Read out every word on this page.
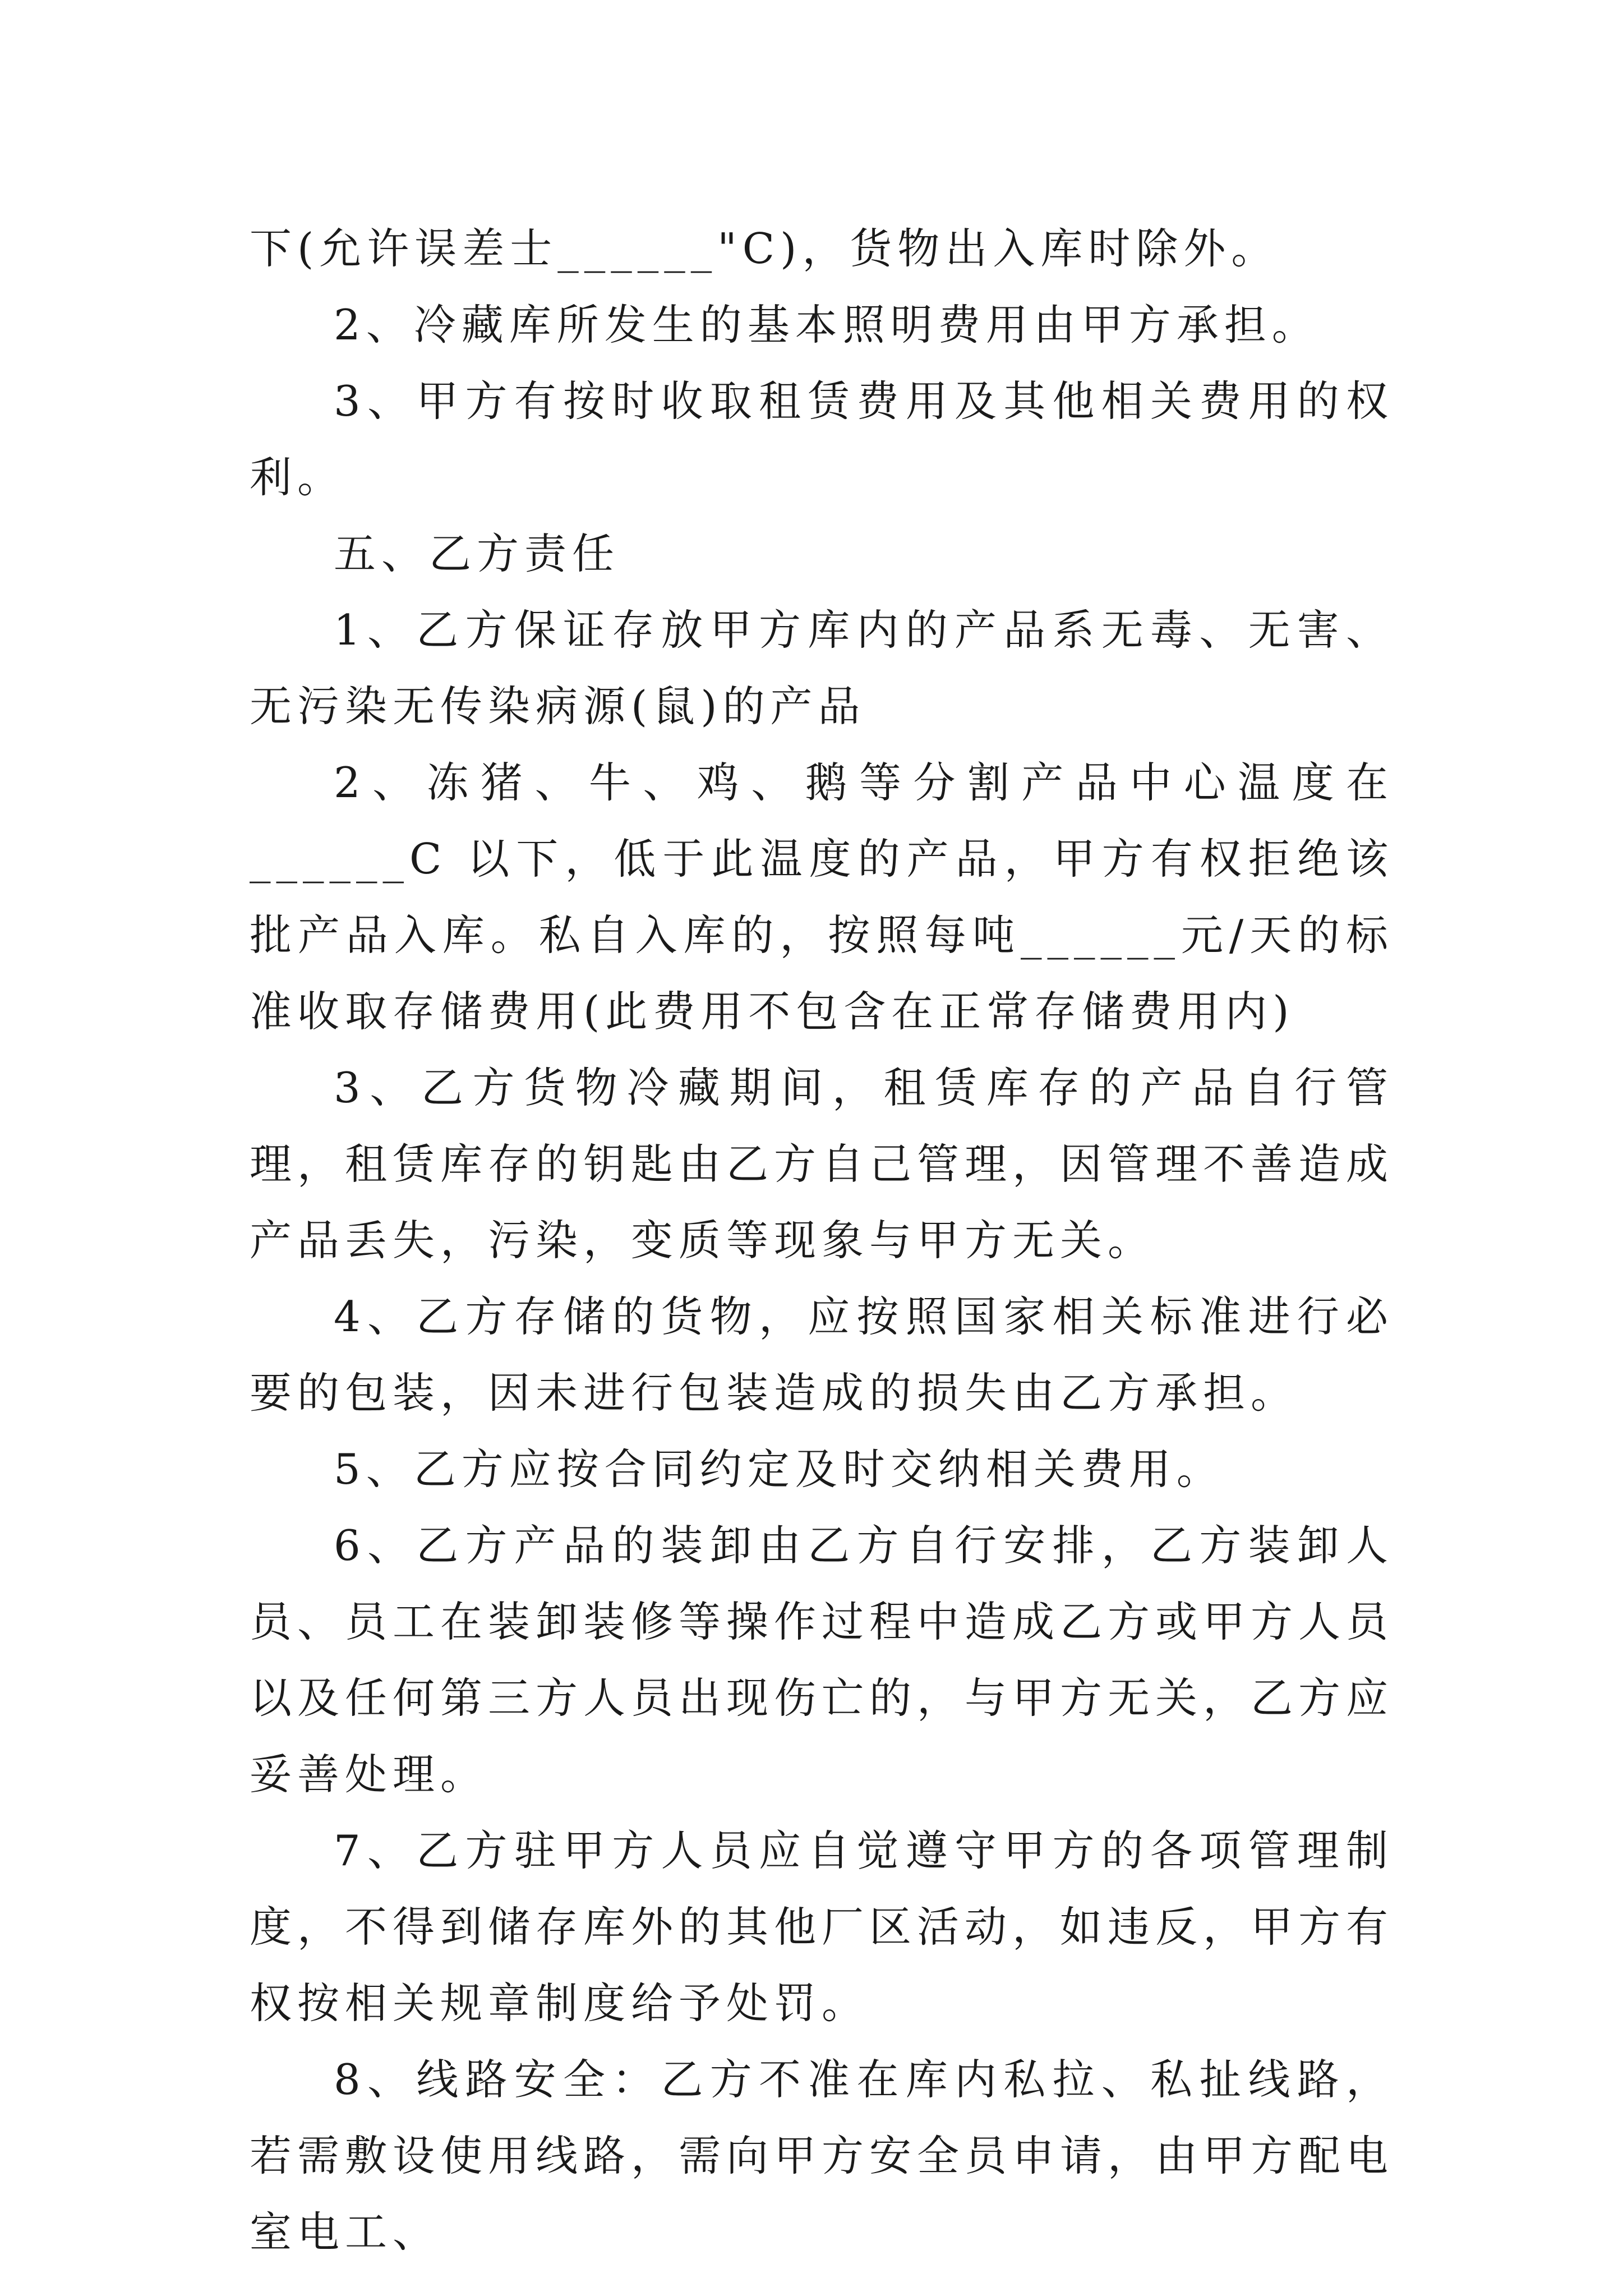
下(允许误差士______"C)，货物出入库时除外。

2、冷藏库所发生的基本照明费用由甲方承担。

3、甲方有按时收取租赁费用及其他相关费用的权利。

五、乙方责任

1、乙方保证存放甲方库内的产品系无毒、无害、无污染无传染病源(鼠)的产品

2、冻猪、牛、鸡、鹅等分割产品中心温度在______C 以下，低于此温度的产品，甲方有权拒绝该批产品入库。私自入库的，按照每吨______元/天的标准收取存储费用(此费用不包含在正常存储费用内)

3、乙方货物冷藏期间，租赁库存的产品自行管理，租赁库存的钥匙由乙方自己管理，因管理不善造成产品丢失，污染，变质等现象与甲方无关。

4、乙方存储的货物，应按照国家相关标准进行必要的包装，因未进行包装造成的损失由乙方承担。

5、乙方应按合同约定及时交纳相关费用。

6、乙方产品的装卸由乙方自行安排，乙方装卸人员、员工在装卸装修等操作过程中造成乙方或甲方人员以及任何第三方人员出现伤亡的，与甲方无关，乙方应妥善处理。

7、乙方驻甲方人员应自觉遵守甲方的各项管理制度，不得到储存库外的其他厂区活动，如违反，甲方有权按相关规章制度给予处罚。

8、线路安全：乙方不准在库内私拉、私扯线路，若需敷设使用线路，需向甲方安全员申请，由甲方配电室电工、
